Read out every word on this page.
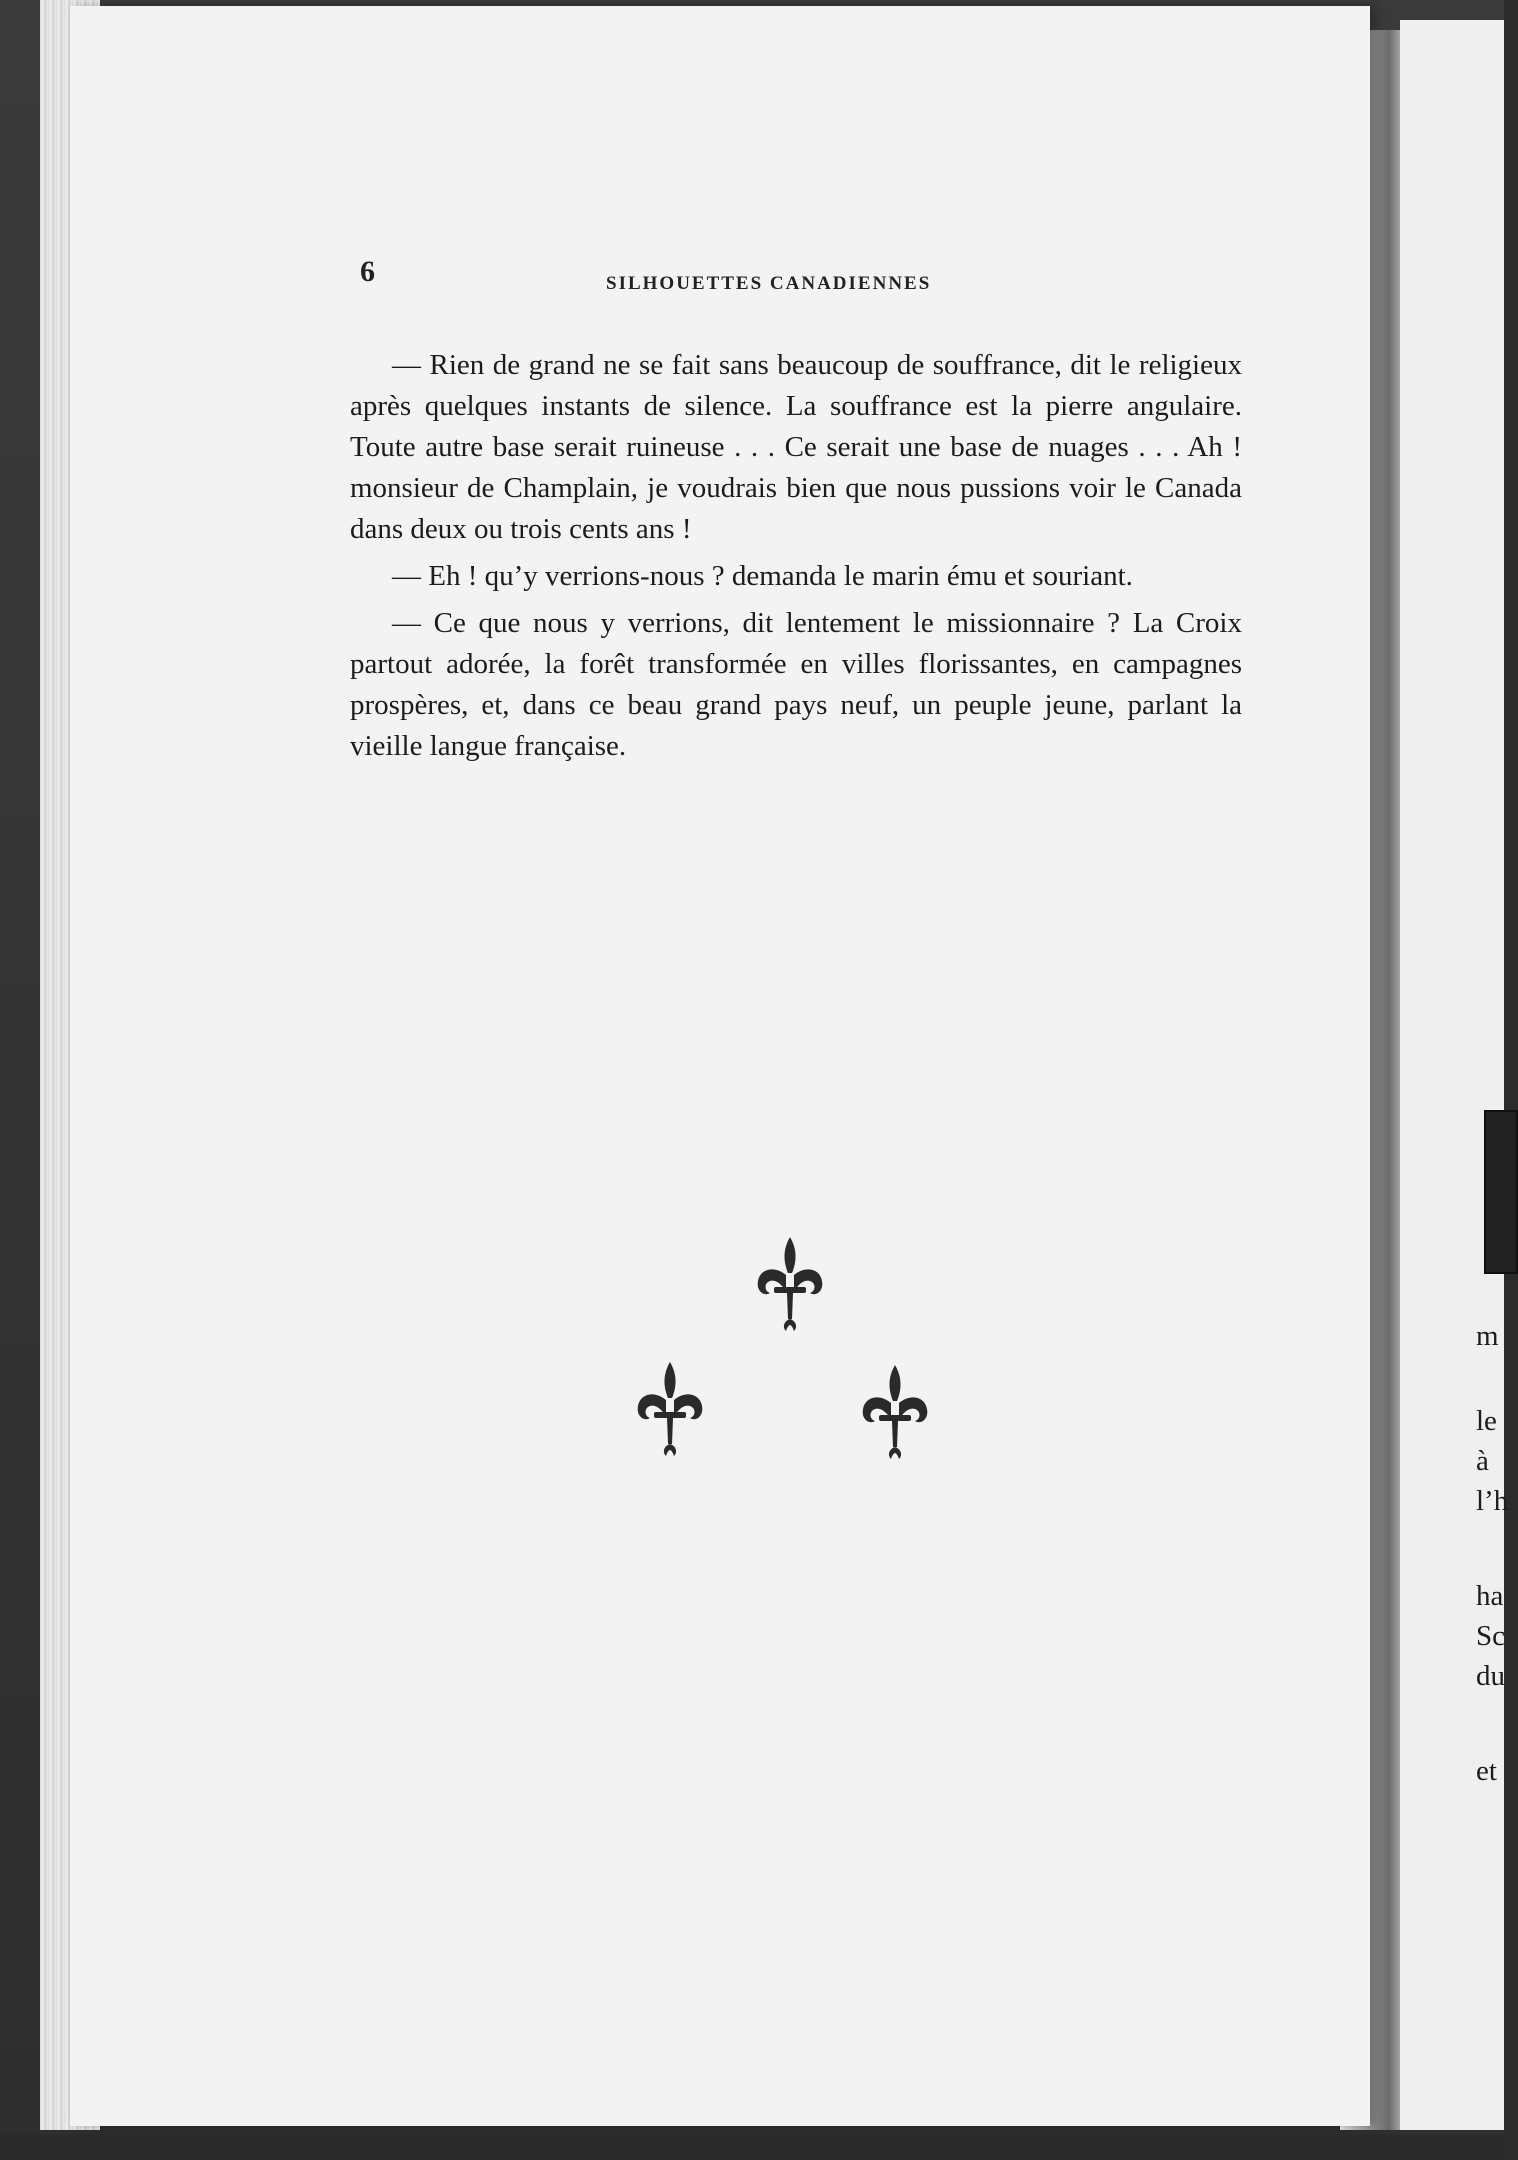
m
le
à
l’h
ha
Sc
du
et
6	SILHOUETTES CANADIENNES

— Rien de grand ne se fait sans beaucoup de souffrance, dit le religieux après quelques instants de silence. La souffrance est la pierre angulaire. Toute autre base serait ruineuse . . . Ce serait une base de nuages . . . Ah ! monsieur de Champlain, je voudrais bien que nous pussions voir le Canada dans deux ou trois cents ans !

— Eh ! qu’y verrions-nous ? demanda le marin ému et souriant.

— Ce que nous y verrions, dit lentement le missionnaire ? La Croix partout adorée, la forêt transformée en villes florissantes, en campagnes prospères, et, dans ce beau grand pays neuf, un peuple jeune, parlant la vieille langue française.
